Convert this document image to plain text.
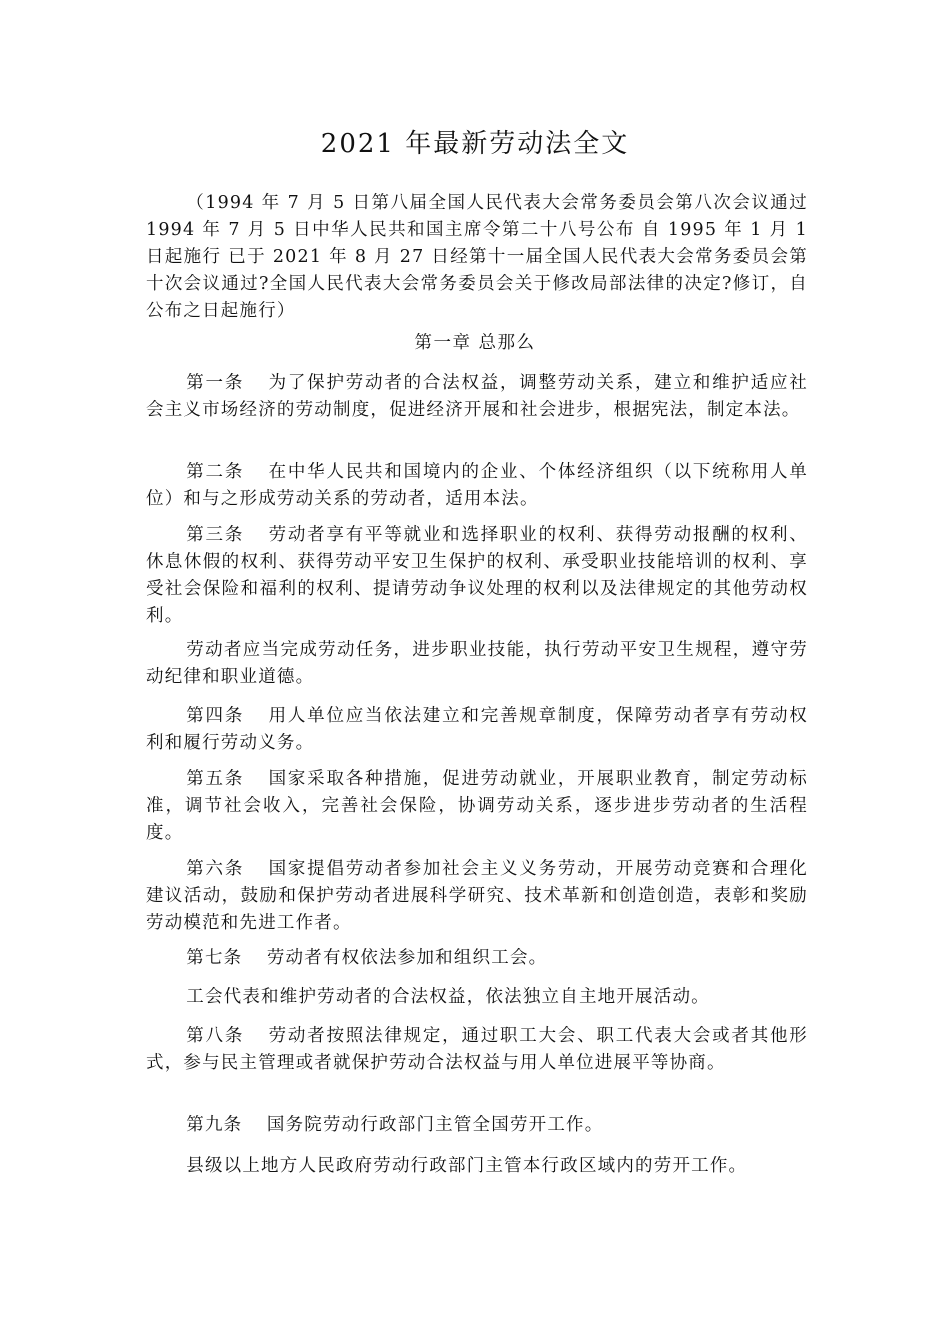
2021 年最新劳动法全文

（1994 年 7 月 5 日第八届全国人民代表大会常务委员会第八次会议通过 1994 年 7 月 5 日中华人民共和国主席令第二十八号公布 自 1995 年 1 月 1 日起施行 已于 2021 年 8 月 27 日经第十一届全国人民代表大会常务委员会第十次会议通过?全国人民代表大会常务委员会关于修改局部法律的决定?修订，自公布之日起施行）

第一章 总那么

第一条 为了保护劳动者的合法权益，调整劳动关系，建立和维护适应社会主义市场经济的劳动制度，促进经济开展和社会进步，根据宪法，制定本法。

第二条 在中华人民共和国境内的企业、个体经济组织（以下统称用人单位）和与之形成劳动关系的劳动者，适用本法。

第三条 劳动者享有平等就业和选择职业的权利、获得劳动报酬的权利、休息休假的权利、获得劳动平安卫生保护的权利、承受职业技能培训的权利、享受社会保险和福利的权利、提请劳动争议处理的权利以及法律规定的其他劳动权利。

劳动者应当完成劳动任务，进步职业技能，执行劳动平安卫生规程，遵守劳动纪律和职业道德。

第四条 用人单位应当依法建立和完善规章制度，保障劳动者享有劳动权利和履行劳动义务。

第五条 国家采取各种措施，促进劳动就业，开展职业教育，制定劳动标准，调节社会收入，完善社会保险，协调劳动关系，逐步进步劳动者的生活程度。

第六条 国家提倡劳动者参加社会主义义务劳动，开展劳动竞赛和合理化建议活动，鼓励和保护劳动者进展科学研究、技术革新和创造创造，表彰和奖励劳动模范和先进工作者。

第七条 劳动者有权依法参加和组织工会。

工会代表和维护劳动者的合法权益，依法独立自主地开展活动。

第八条 劳动者按照法律规定，通过职工大会、职工代表大会或者其他形式，参与民主管理或者就保护劳动合法权益与用人单位进展平等协商。

第九条 国务院劳动行政部门主管全国劳开工作。

县级以上地方人民政府劳动行政部门主管本行政区域内的劳开工作。
